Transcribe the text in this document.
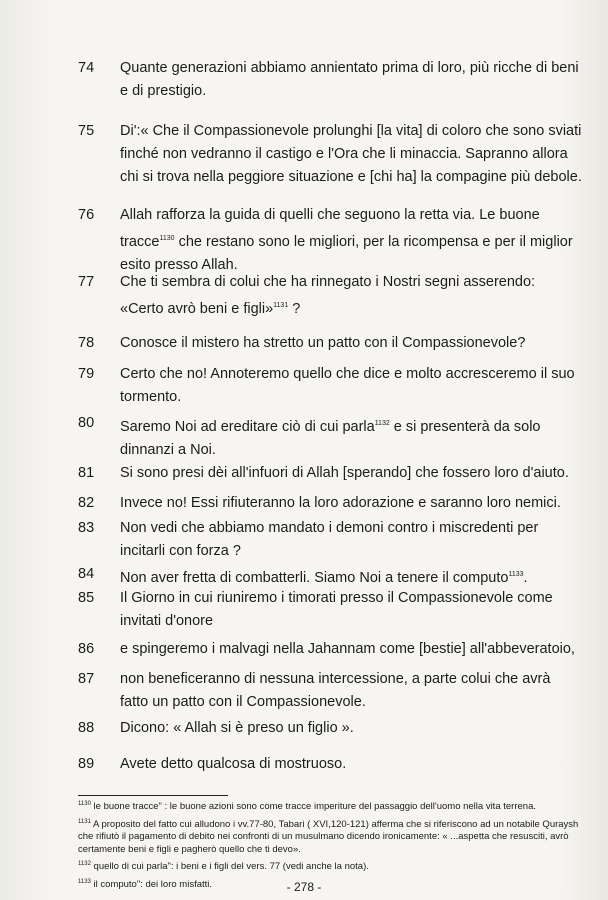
74	Quante generazioni abbiamo annientato prima di loro, più ricche di beni e di prestigio.
75	Di':« Che il Compassionevole prolunghi [la vita] di coloro che sono sviati finché non vedranno il castigo e l'Ora che li minaccia. Sapranno allora chi si trova nella peggiore situazione e [chi ha] la compagine più debole.
76	Allah rafforza la guida di quelli che seguono la retta via. Le buone tracce$^{1130}$ che restano sono le migliori, per la ricompensa e per il miglior esito presso Allah.
77	Che ti sembra di colui che ha rinnegato i Nostri segni asserendo: «Certo avrò beni e figli»$^{1131}$ ?
78	Conosce il mistero ha stretto un patto con il Compassionevole?
79	Certo che no! Annoteremo quello che dice e molto accresceremo il suo tormento.
80	Saremo Noi ad ereditare ciò di cui parla$^{1132}$ e si presenterà da solo dinnanzi a Noi.
81	Si sono presi dèi all'infuori di Allah [sperando] che fossero loro d'aiuto.
82	Invece no! Essi rifiuteranno la loro adorazione e saranno loro nemici.
83	Non vedi che abbiamo mandato i demoni contro i miscredenti per incitarli con forza ?
84	Non aver fretta di combatterli. Siamo Noi a tenere il computo$^{1133}$.
85	Il Giorno in cui riuniremo i timorati presso il Compassionevole come invitati d'onore
86	e spingeremo i malvagi nella Jahannam come [bestie] all'abbeveratoio,
87	non beneficeranno di nessuna intercessione, a parte colui che avrà fatto un patto con il Compassionevole.
88	Dicono: « Allah si è preso un figlio ».
89	Avete detto qualcosa di mostruoso.
$^{1130}$ le buone tracce" : le buone azioni sono come tracce imperiture del passaggio dell'uomo nella vita terrena.
$^{1131}$ A proposito del fatto cui alludono i vv.77-80, Tabari ( XVI,120-121) afferma che si riferiscono ad un notabile Quraysh che rifiutò il pagamento di debito nei confronti di un musulmano dicendo ironicamente: « ...aspetta che resusciti, avrò certamente beni e figli e pagherò quello che ti devo».
$^{1132}$ quello di cui parla": i beni e i figli del vers. 77 (vedi anche la nota).
$^{1133}$ il computo": dei loro misfatti.	- 278 -
